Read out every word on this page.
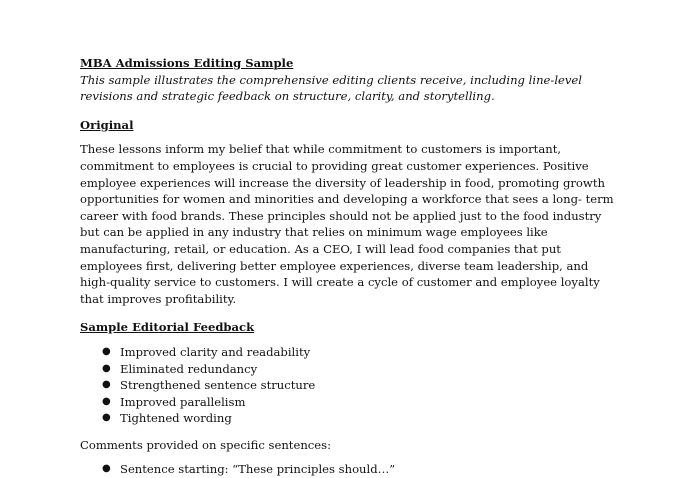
MBA Admissions Editing Sample

This sample illustrates the comprehensive editing clients receive, including line-level revisions and strategic feedback on structure, clarity, and storytelling.

Original

These lessons inform my belief that while commitment to customers is important, commitment to employees is crucial to providing great customer experiences. Positive employee experiences will increase the diversity of leadership in food, promoting growth opportunities for women and minorities and developing a workforce that sees a long- term career with food brands. These principles should not be applied just to the food industry but can be applied in any industry that relies on minimum wage employees like manufacturing, retail, or education. As a CEO, I will lead food companies that put employees first, delivering better employee experiences, diverse team leadership, and high-quality service to customers. I will create a cycle of customer and employee loyalty that improves profitability.

Sample Editorial Feedback
● Improved clarity and readability
● Eliminated redundancy
● Strengthened sentence structure
● Improved parallelism
● Tightened wording

Comments provided on specific sentences:

● Sentence starting: “These principles should…”
